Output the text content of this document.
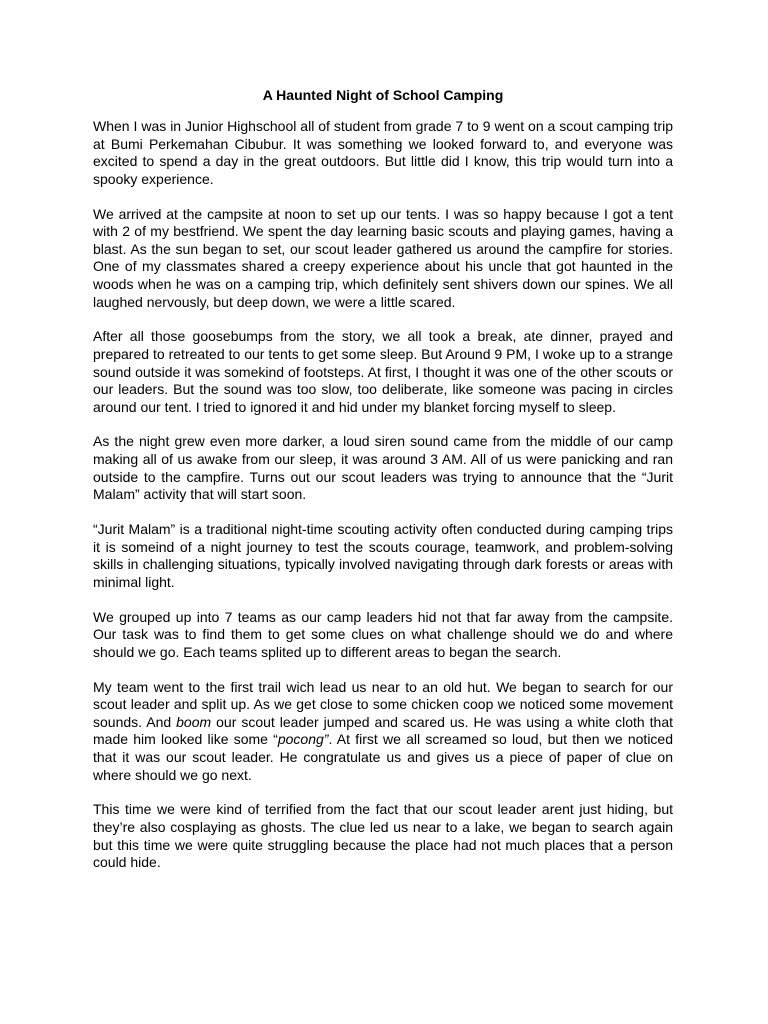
A Haunted Night of School Camping

When I was in Junior Highschool all of student from grade 7 to 9 went on a scout camping trip at Bumi Perkemahan Cibubur. It was something we looked forward to, and everyone was excited to spend a day in the great outdoors. But little did I know, this trip would turn into a spooky experience.

We arrived at the campsite at noon to set up our tents. I was so happy because I got a tent with 2 of my bestfriend. We spent the day learning basic scouts and playing games, having a blast. As the sun began to set, our scout leader gathered us around the campfire for stories. One of my classmates shared a creepy experience about his uncle that got haunted in the woods when he was on a camping trip, which definitely sent shivers down our spines. We all laughed nervously, but deep down, we were a little scared.

After all those goosebumps from the story, we all took a break, ate dinner, prayed and prepared to retreated to our tents to get some sleep. But Around 9 PM, I woke up to a strange sound outside it was somekind of footsteps. At first, I thought it was one of the other scouts or our leaders. But the sound was too slow, too deliberate, like someone was pacing in circles around our tent. I tried to ignored it and hid under my blanket forcing myself to sleep.

As the night grew even more darker, a loud siren sound came from the middle of our camp making all of us awake from our sleep, it was around 3 AM. All of us were panicking and ran outside to the campfire. Turns out our scout leaders was trying to announce that the “Jurit Malam” activity that will start soon.

“Jurit Malam” is a traditional night-time scouting activity often conducted during camping trips it is someind of a night journey to test the scouts courage, teamwork, and problem-solving skills in challenging situations, typically involved navigating through dark forests or areas with minimal light.

We grouped up into 7 teams as our camp leaders hid not that far away from the campsite. Our task was to find them to get some clues on what challenge should we do and where should we go. Each teams splited up to different areas to began the search.

My team went to the first trail wich lead us near to an old hut. We began to search for our scout leader and split up. As we get close to some chicken coop we noticed some movement sounds. And boom our scout leader jumped and scared us. He was using a white cloth that made him looked like some “pocong”. At first we all screamed so loud, but then we noticed that it was our scout leader. He congratulate us and gives us a piece of paper of clue on where should we go next.

This time we were kind of terrified from the fact that our scout leader arent just hiding, but they’re also cosplaying as ghosts. The clue led us near to a lake, we began to search again but this time we were quite struggling because the place had not much places that a person could hide.
